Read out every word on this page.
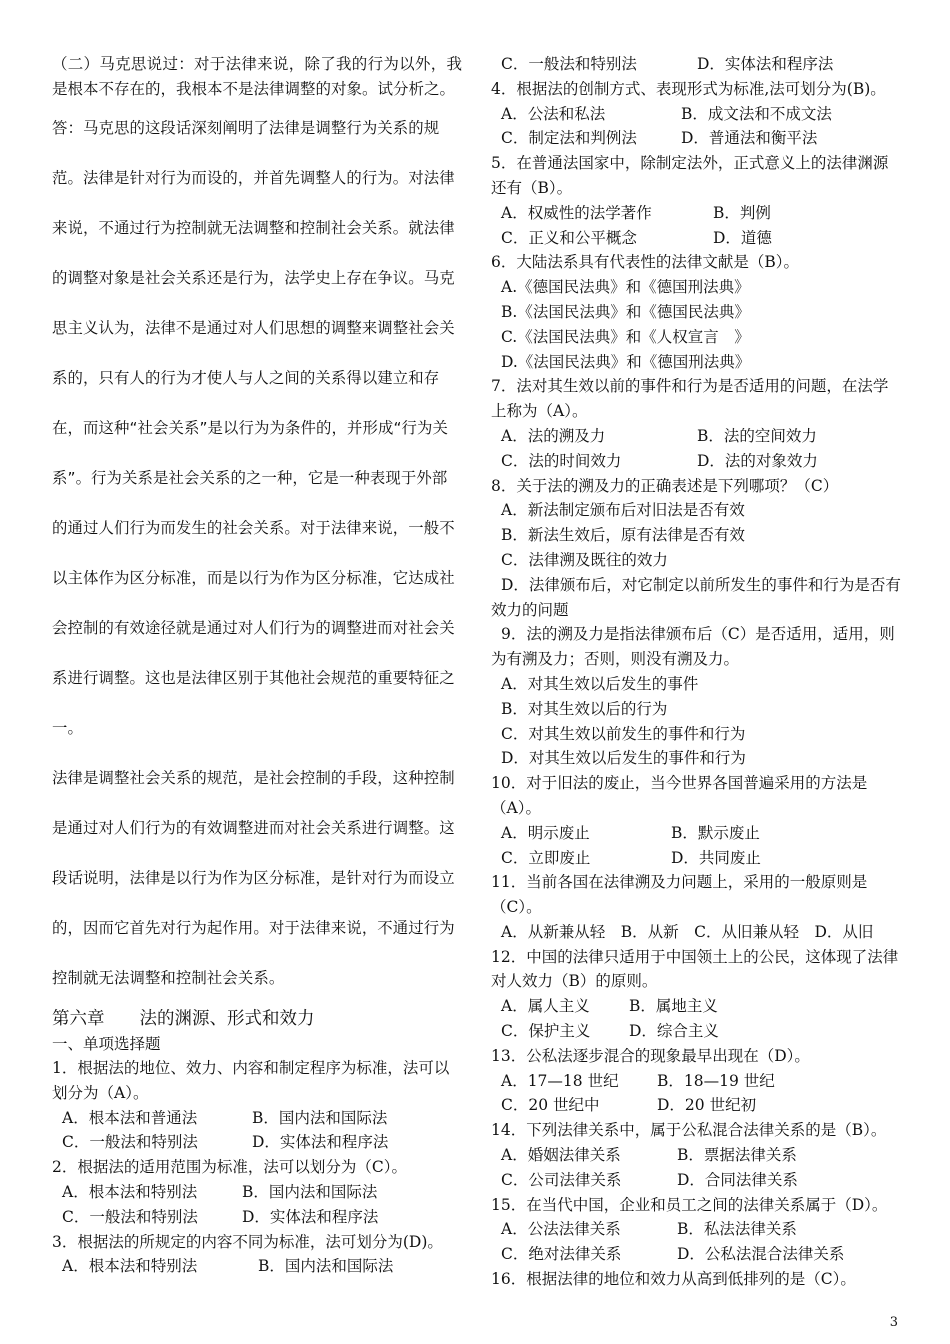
（二）马克思说过：对于法律来说，除了我的行为以外，我是根本不存在的，我根本不是法律调整的对象。试分析之。

答：马克思的这段话深刻阐明了法律是调整行为关系的规范。法律是针对行为而设的，并首先调整人的行为。对法律来说，不通过行为控制就无法调整和控制社会关系。就法律的调整对象是社会关系还是行为，法学史上存在争议。马克思主义认为，法律不是通过对人们思想的调整来调整社会关系的，只有人的行为才使人与人之间的关系得以建立和存在，而这种“社会关系”是以行为为条件的，并形成“行为关系”。行为关系是社会关系的之一种，它是一种表现于外部的通过人们行为而发生的社会关系。对于法律来说，一般不以主体作为区分标准，而是以行为作为区分标准，它达成社会控制的有效途径就是通过对人们行为的调整进而对社会关系进行调整。这也是法律区别于其他社会规范的重要特征之一。

法律是调整社会关系的规范，是社会控制的手段，这种控制是通过对人们行为的有效调整进而对社会关系进行调整。这段话说明，法律是以行为作为区分标准，是针对行为而设立的，因而它首先对行为起作用。对于法律来说，不通过行为控制就无法调整和控制社会关系。

第六章　　法的渊源、形式和效力
一、单项选择题
1．根据法的地位、效力、内容和制定程序为标准，法可以划分为（A）。
A．根本法和普通法	B．国内法和国际法
C．一般法和特别法	D．实体法和程序法
2．根据法的适用范围为标准，法可以划分为（C）。
A．根本法和特别法	B．国内法和国际法
C．一般法和特别法	D．实体法和程序法
3．根据法的所规定的内容不同为标准，法可划分为(D)。
A．根本法和特别法	B．国内法和国际法
C．一般法和特别法	D．实体法和程序法
4．根据法的创制方式、表现形式为标准,法可划分为(B)。
A．公法和私法	B．成文法和不成文法
C．制定法和判例法	D．普通法和衡平法
5．在普通法国家中，除制定法外，正式意义上的法律渊源还有（B）。
A．权威性的法学著作	B．判例
C．正义和公平概念	D．道德
6．大陆法系具有代表性的法律文献是（B）。
A.《德国民法典》和《德国刑法典》
B.《法国民法典》和《德国民法典》
C.《法国民法典》和《人权宣言　》
D.《法国民法典》和《德国刑法典》
7．法对其生效以前的事件和行为是否适用的问题，在法学上称为（A）。
A．法的溯及力	B．法的空间效力
C．法的时间效力	D．法的对象效力
8．关于法的溯及力的正确表述是下列哪项？（C）
A．新法制定颁布后对旧法是否有效
B．新法生效后，原有法律是否有效
C．法律溯及既往的效力
D．法律颁布后，对它制定以前所发生的事件和行为是否有效力的问题
9．法的溯及力是指法律颁布后（C）是否适用，适用，则为有溯及力；否则，则没有溯及力。
A．对其生效以后发生的事件
B．对其生效以后的行为
C．对其生效以前发生的事件和行为
D．对其生效以后发生的事件和行为
10．对于旧法的废止，当今世界各国普遍采用的方法是（A）。
A．明示废止	B．默示废止
C．立即废止	D．共同废止
11．当前各国在法律溯及力问题上，采用的一般原则是（C）。
A．从新兼从轻　B．从新　C．从旧兼从轻　D．从旧
12．中国的法律只适用于中国领土上的公民，这体现了法律对人效力（B）的原则。
A．属人主义	B．属地主义
C．保护主义 D．综合主义
13．公私法逐步混合的现象最早出现在（D）。
A．17—18 世纪 B．18—19 世纪
C．20 世纪中	D．20 世纪初
14．下列法律关系中，属于公私混合法律关系的是（B）。
A．婚姻法律关系	B．票据法律关系
C．公司法律关系	D．合同法律关系
15．在当代中国，企业和员工之间的法律关系属于（D）。
A．公法法律关系	B．私法法律关系
C．绝对法律关系	D．公私法混合法律关系
16．根据法律的地位和效力从高到低排列的是（C）。
3
